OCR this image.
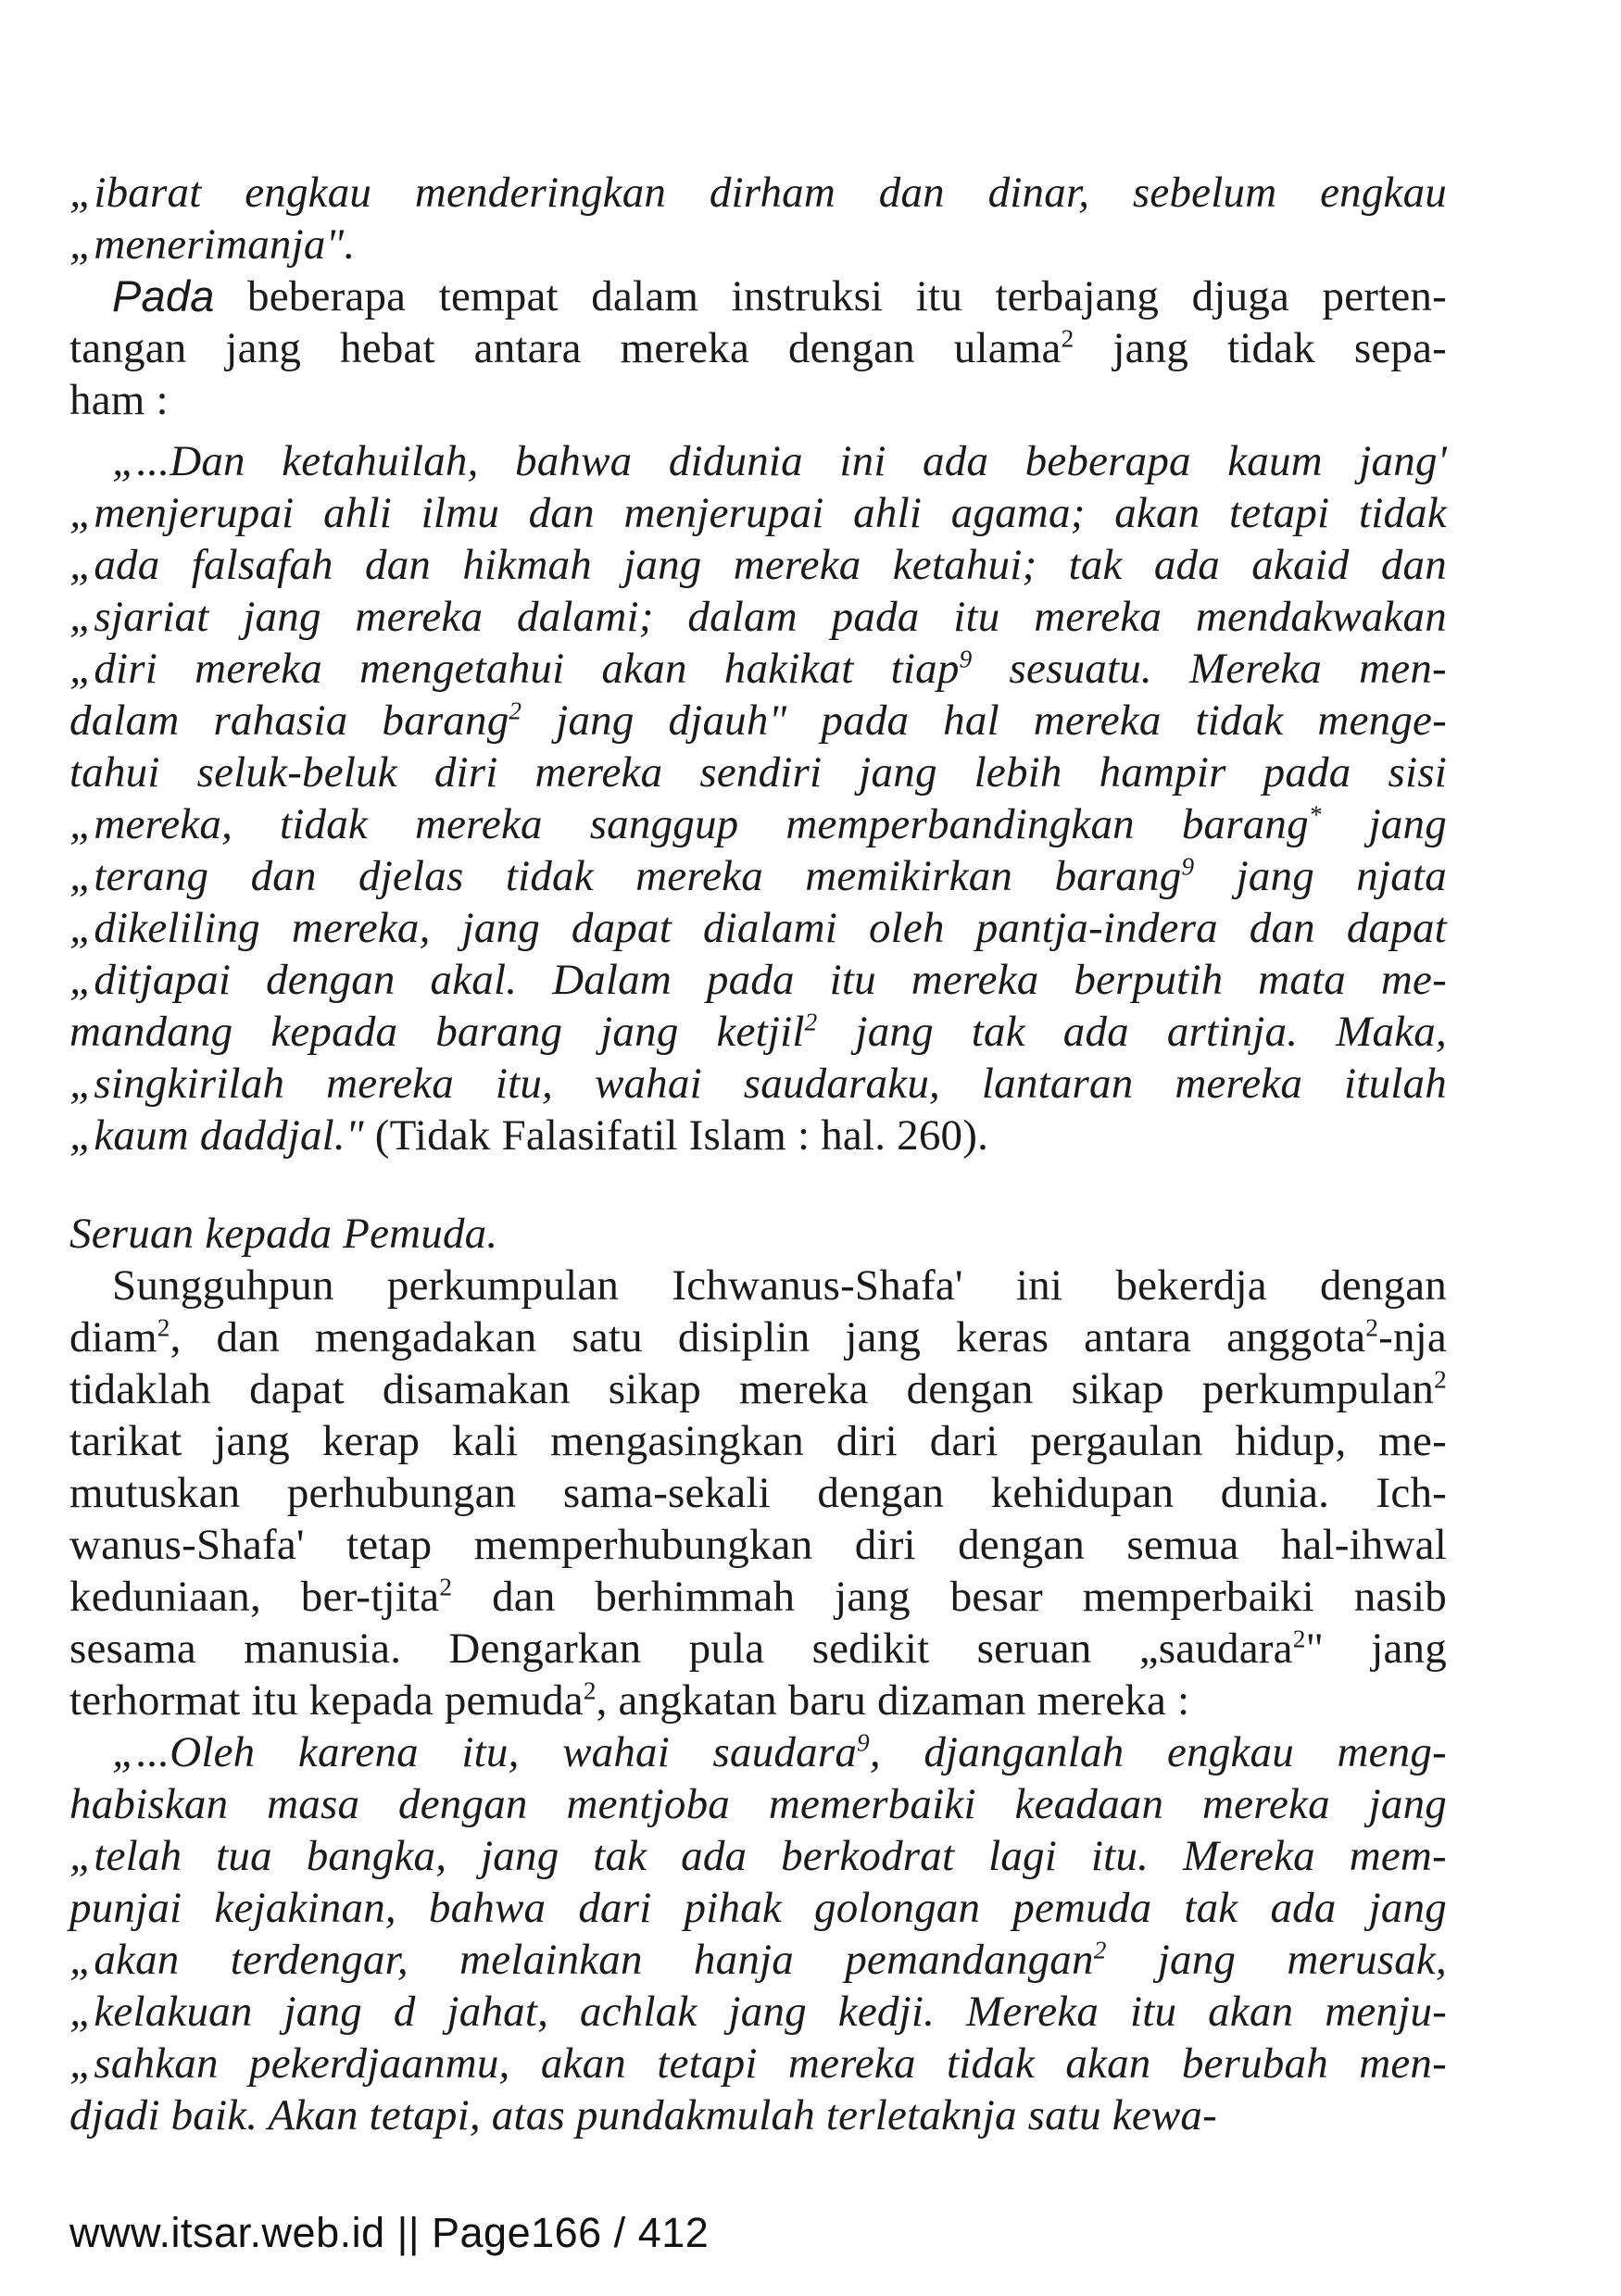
„ibarat engkau menderingkan dirham dan dinar, sebelum engkau
„menerimanja".
Pada beberapa tempat dalam instruksi itu terbajang djuga perten-
tangan jang hebat antara mereka dengan ulama$^2$ jang tidak sepa-
ham :
„...Dan ketahuilah, bahwa didunia ini ada beberapa kaum jang'
„menjerupai ahli ilmu dan menjerupai ahli agama; akan tetapi tidak
„ada falsafah dan hikmah jang mereka ketahui; tak ada akaid dan
„sjariat jang mereka dalami; dalam pada itu mereka mendakwakan
„diri mereka mengetahui akan hakikat tiap$^9$ sesuatu. Mereka men-
dalam rahasia barang$^2$ jang djauh" pada hal mereka tidak menge-
tahui seluk-beluk diri mereka sendiri jang lebih hampir pada sisi
„mereka, tidak mereka sanggup memperbandingkan barang* jang
„terang dan djelas tidak mereka memikirkan barang$^9$ jang njata
„dikeliling mereka, jang dapat dialami oleh pantja-indera dan dapat
„ditjapai dengan akal. Dalam pada itu mereka berputih mata me-
mandang kepada barang jang ketjil$^2$ jang tak ada artinja. Maka,
„singkirilah mereka itu, wahai saudaraku, lantaran mereka itulah
„kaum daddjal." (Tidak Falasifatil Islam : hal. 260).
Seruan kepada Pemuda.
Sungguhpun perkumpulan Ichwanus-Shafa' ini bekerdja dengan
diam$^2$, dan mengadakan satu disiplin jang keras antara anggota$^2$-nja
tidaklah dapat disamakan sikap mereka dengan sikap perkumpulan$^2$
tarikat jang kerap kali mengasingkan diri dari pergaulan hidup, me-
mutuskan perhubungan sama-sekali dengan kehidupan dunia. Ich-
wanus-Shafa' tetap memperhubungkan diri dengan semua hal-ihwal
keduniaan, ber-tjita$^2$ dan berhimmah jang besar memperbaiki nasib
sesama manusia. Dengarkan pula sedikit seruan „saudara$^2$" jang
terhormat itu kepada pemuda$^2$, angkatan baru dizaman mereka :
„...Oleh karena itu, wahai saudara$^9$, djanganlah engkau meng-
habiskan masa dengan mentjoba memerbaiki keadaan mereka jang
„telah tua bangka, jang tak ada berkodrat lagi itu. Mereka mem-
punjai kejakinan, bahwa dari pihak golongan pemuda tak ada jang
„akan terdengar, melainkan hanja pemandangan$^2$ jang merusak,
„kelakuan jang d jahat, achlak jang kedji. Mereka itu akan menju-
„sahkan pekerdjaanmu, akan tetapi mereka tidak akan berubah men-
djadi baik. Akan tetapi, atas pundakmulah terletaknja satu kewa-
www.itsar.web.id || Page166 / 412
